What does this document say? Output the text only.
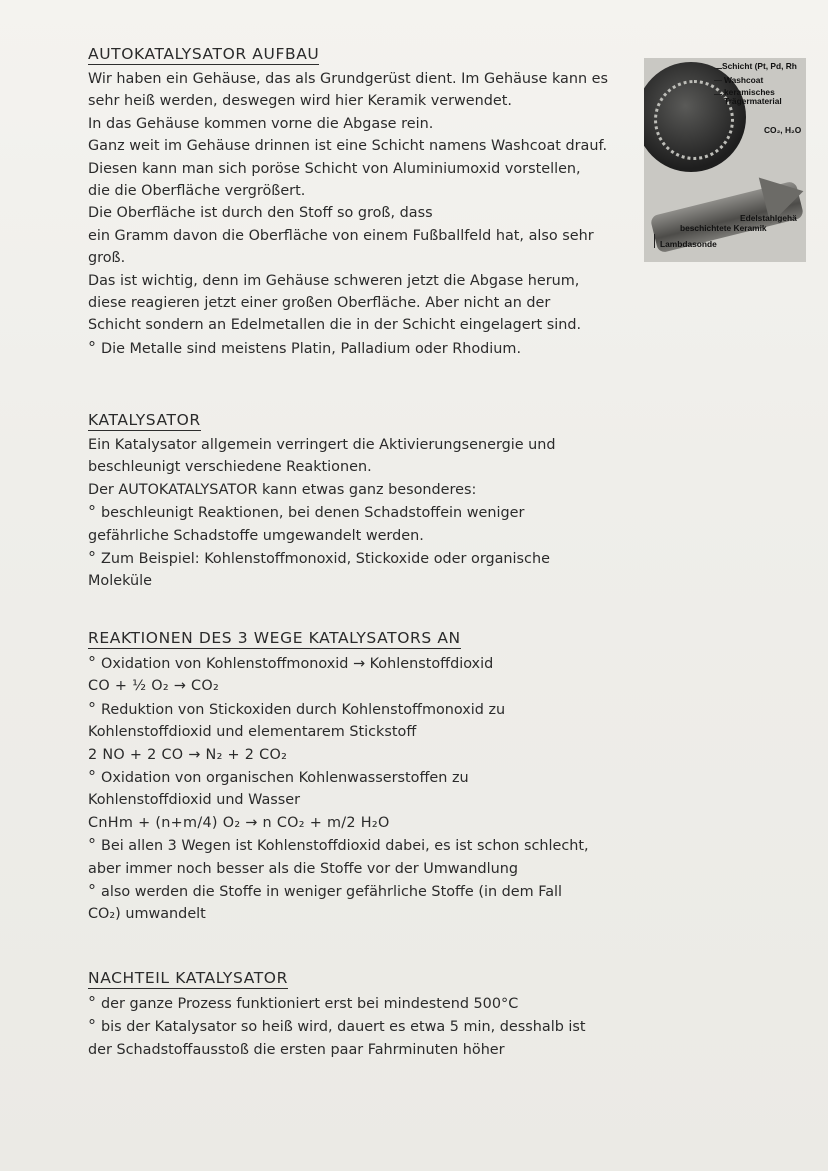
Schicht (Pt, Pd, Rh
Washcoat
keramisches
Trägermaterial
CO₂, H₂O
Edelstahlgehä
beschichtete Keramik
Lambdasonde
AUTOKATALYSATOR AUFBAU
Wir haben ein Gehäuse, das als Grundgerüst dient. Im Gehäuse kann es
sehr heiß werden, deswegen wird hier Keramik verwendet.
In das Gehäuse kommen vorne die Abgase rein.
Ganz weit im Gehäuse drinnen ist eine Schicht namens Washcoat drauf.
Diesen kann man sich poröse Schicht von Aluminiumoxid vorstellen,
die die Oberfläche vergrößert.
Die Oberfläche ist durch den Stoff so groß, dass
ein Gramm davon die Oberfläche von einem Fußballfeld hat, also sehr
groß.
Das ist wichtig, denn im Gehäuse schweren jetzt die Abgase herum,
diese reagieren jetzt einer großen Oberfläche. Aber nicht an der
Schicht sondern an Edelmetallen die in der Schicht eingelagert sind.
° Die Metalle sind meistens Platin, Palladium oder Rhodium.
KATALYSATOR
Ein Katalysator allgemein verringert die Aktivierungsenergie und
beschleunigt verschiedene Reaktionen.
Der AUTOKATALYSATOR kann etwas ganz besonderes:
° beschleunigt Reaktionen, bei denen Schadstoffein weniger
gefährliche Schadstoffe umgewandelt werden.
° Zum Beispiel: Kohlenstoffmonoxid, Stickoxide oder organische
Moleküle
REAKTIONEN DES 3 WEGE KATALYSATORS AN
° Oxidation von Kohlenstoffmonoxid → Kohlenstoffdioxid
CO + ½ O₂ → CO₂
° Reduktion von Stickoxiden durch Kohlenstoffmonoxid zu
Kohlenstoffdioxid und elementarem Stickstoff
2 NO + 2 CO → N₂ + 2 CO₂
° Oxidation von organischen Kohlenwasserstoffen zu
Kohlenstoffdioxid und Wasser
CnHm + (n+m/4) O₂ → n CO₂ + m/2 H₂O
° Bei allen 3 Wegen ist Kohlenstoffdioxid dabei, es ist schon schlecht,
aber immer noch besser als die Stoffe vor der Umwandlung
° also werden die Stoffe in weniger gefährliche Stoffe (in dem Fall
CO₂) umwandelt
NACHTEIL KATALYSATOR
° der ganze Prozess funktioniert erst bei mindestend 500°C
° bis der Katalysator so heiß wird, dauert es etwa 5 min, desshalb ist
der Schadstoffausstoß die ersten paar Fahrminuten höher
